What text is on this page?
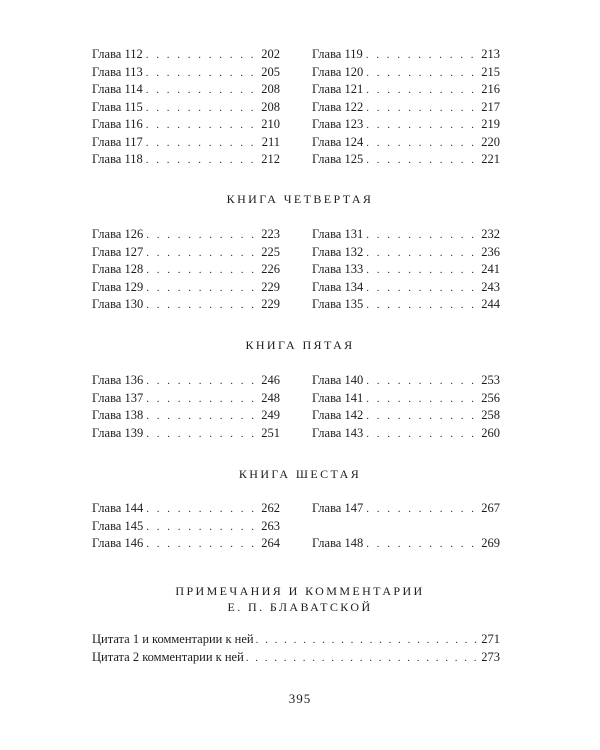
Глава 112 . . .	202
Глава 113 . . .	205
Глава 114 . . .	208
Глава 115 . . .	208
Глава 116 . . .	210
Глава 117 . . .	211
Глава 118 . . .	212
Глава 119 . . .	213
Глава 120 . . .	215
Глава 121 . . .	216
Глава 122 . . .	217
Глава 123 . . .	219
Глава 124 . . .	220
Глава 125 . . .	221
КНИГА ЧЕТВЕРТАЯ
Глава 126 . . .	223
Глава 127 . . .	225
Глава 128 . . .	226
Глава 129 . . .	229
Глава 130 . . .	229
Глава 131 . . .	232
Глава 132 . . .	236
Глава 133 . . .	241
Глава 134 . . .	243
Глава 135 . . .	244
КНИГА ПЯТАЯ
Глава 136 . . .	246
Глава 137 . . .	248
Глава 138 . . .	249
Глава 139 . . .	251
Глава 140 . . .	253
Глава 141 . . .	256
Глава 142 . . .	258
Глава 143 . . .	260
КНИГА ШЕСТАЯ
Глава 144 . . .	262
Глава 145 . . .	263
Глава 146 . . .	264
Глава 147 . . .	267
Глава 148 . . .	269
ПРИМЕЧАНИЯ И КОММЕНТАРИИ
Е. П. БЛАВАТСКОЙ
Цитата 1 и комментарии к ней . . .	271
Цитата 2 комментарии к ней . . .	273
395
